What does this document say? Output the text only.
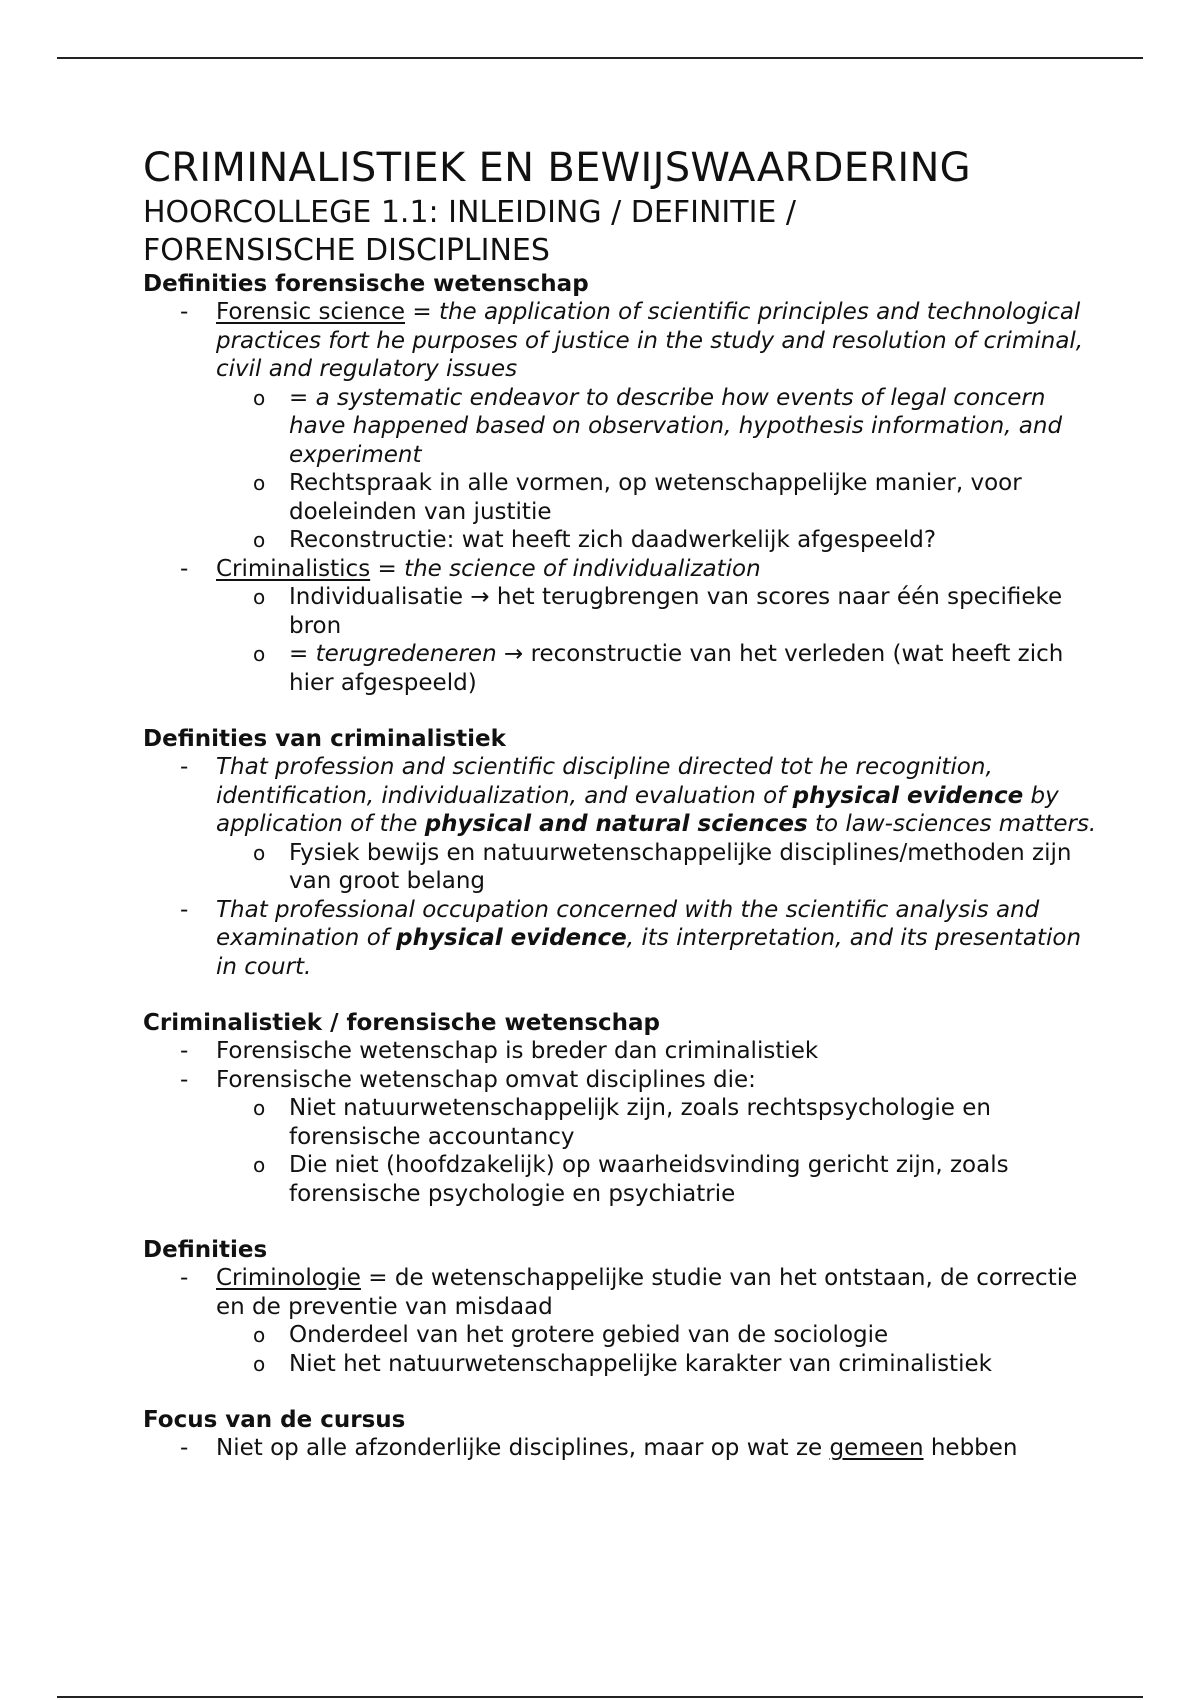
CRIMINALISTIEK EN BEWIJSWAARDERING
HOORCOLLEGE 1.1: INLEIDING / DEFINITIE /
FORENSISCHE DISCIPLINES
Definities forensische wetenschap
- Forensic science = the application of scientific principles and technological practices fort he purposes of justice in the study and resolution of criminal, civil and regulatory issues
o = a systematic endeavor to describe how events of legal concern have happened based on observation, hypothesis information, and experiment
o Rechtspraak in alle vormen, op wetenschappelijke manier, voor doeleinden van justitie
o Reconstructie: wat heeft zich daadwerkelijk afgespeeld?
- Criminalistics = the science of individualization
o Individualisatie → het terugbrengen van scores naar één specifieke bron
o = terugredeneren → reconstructie van het verleden (wat heeft zich hier afgespeeld)
Definities van criminalistiek
- That profession and scientific discipline directed tot he recognition, identification, individualization, and evaluation of physical evidence by application of the physical and natural sciences to law-sciences matters.
o Fysiek bewijs en natuurwetenschappelijke disciplines/methoden zijn van groot belang
- That professional occupation concerned with the scientific analysis and examination of physical evidence, its interpretation, and its presentation in court.
Criminalistiek / forensische wetenschap
- Forensische wetenschap is breder dan criminalistiek
- Forensische wetenschap omvat disciplines die:
o Niet natuurwetenschappelijk zijn, zoals rechtspsychologie en forensische accountancy
o Die niet (hoofdzakelijk) op waarheidsvinding gericht zijn, zoals forensische psychologie en psychiatrie
Definities
- Criminologie = de wetenschappelijke studie van het ontstaan, de correctie en de preventie van misdaad
o Onderdeel van het grotere gebied van de sociologie
o Niet het natuurwetenschappelijke karakter van criminalistiek
Focus van de cursus
- Niet op alle afzonderlijke disciplines, maar op wat ze gemeen hebben
